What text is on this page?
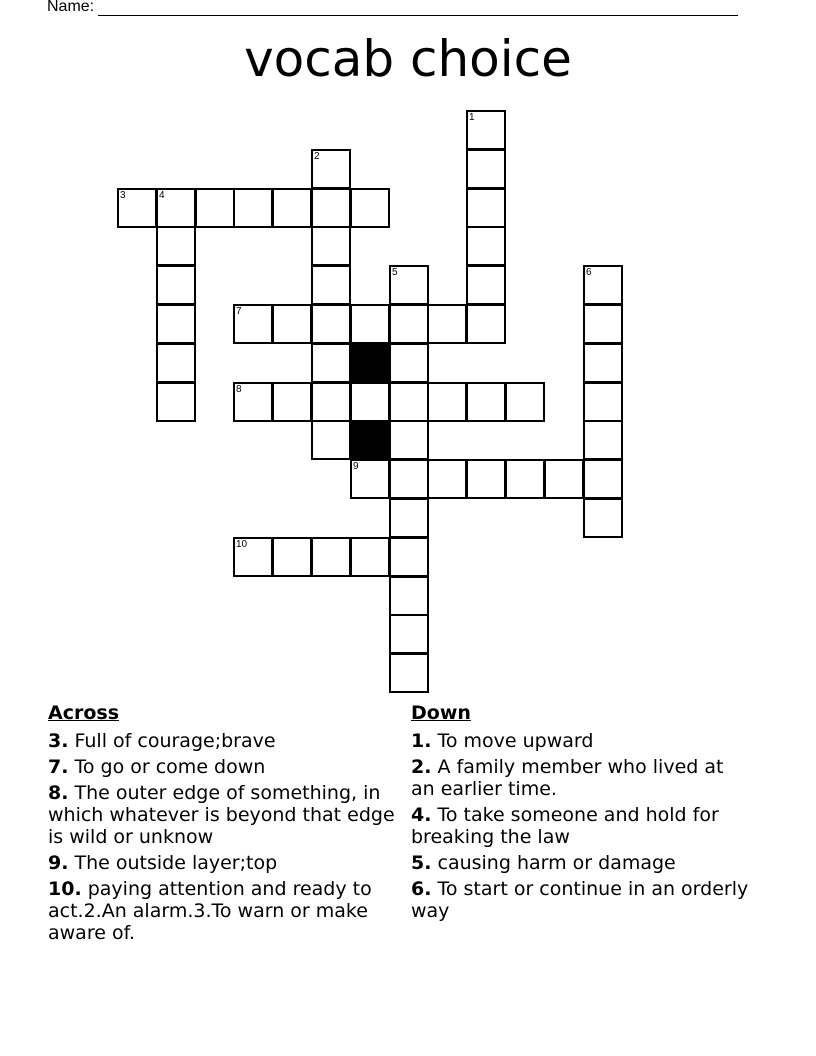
Name:
vocab choice
1
2
3	4
5	6
7
8
9
10
Across
3. Full of courage;brave
7. To go or come down
8. The outer edge of something, in which whatever is beyond that edge is wild or unknow
9. The outside layer;top
10. paying attention and ready to act.2.An alarm.3.To warn or make aware of.
Down
1. To move upward
2. A family member who lived at an earlier time.
4. To take someone and hold for breaking the law
5. causing harm or damage
6. To start or continue in an orderly way
